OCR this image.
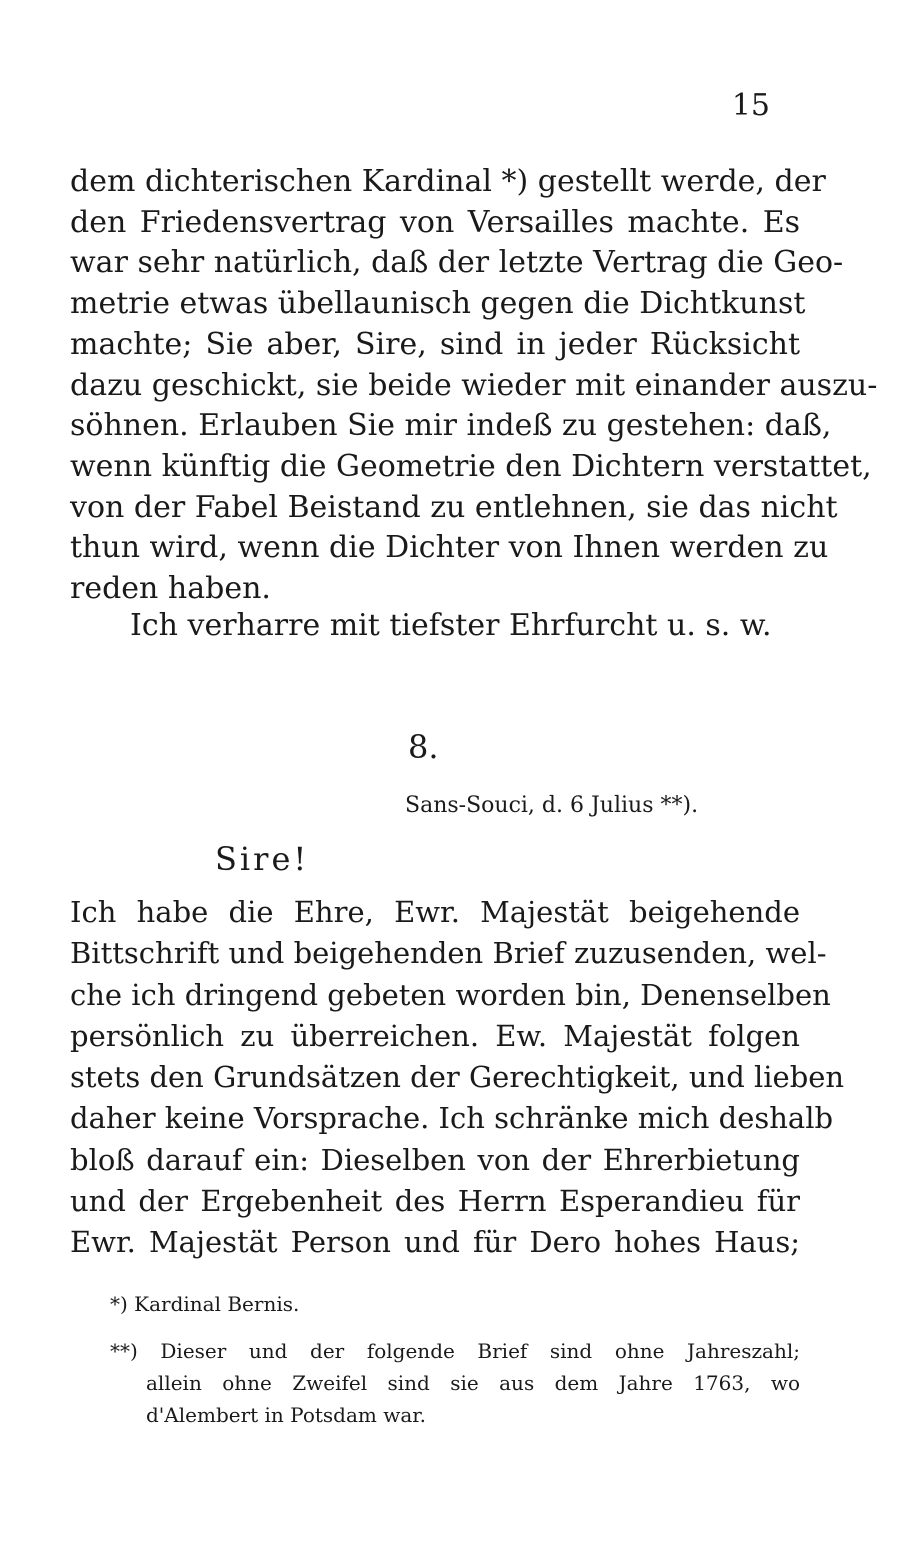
15
dem dichterischen Kardinal *) gestellt werde, der
den Friedensvertrag von Versailles machte. Es
war sehr natürlich, daß der letzte Vertrag die Geo-
metrie etwas übellaunisch gegen die Dichtkunst
machte; Sie aber, Sire, sind in jeder Rücksicht
dazu geschickt, sie beide wieder mit einander auszu-
söhnen. Erlauben Sie mir indeß zu gestehen: daß,
wenn künftig die Geometrie den Dichtern verstattet,
von der Fabel Beistand zu entlehnen, sie das nicht
thun wird, wenn die Dichter von Ihnen werden zu
reden haben.
Ich verharre mit tiefster Ehrfurcht u. s. w.
8.
Sans-Souci, d. 6 Julius **).
Sire!
Ich habe die Ehre, Ewr. Majestät beigehende
Bittschrift und beigehenden Brief zuzusenden, wel-
che ich dringend gebeten worden bin, Denenselben
persönlich zu überreichen. Ew. Majestät folgen
stets den Grundsätzen der Gerechtigkeit, und lieben
daher keine Vorsprache. Ich schränke mich deshalb
bloß darauf ein: Dieselben von der Ehrerbietung
und der Ergebenheit des Herrn Esperandieu für
Ewr. Majestät Person und für Dero hohes Haus;
*) Kardinal Bernis.
**) Dieser und der folgende Brief sind ohne Jahreszahl;
allein ohne Zweifel sind sie aus dem Jahre 1763, wo
d'Alembert in Potsdam war.
